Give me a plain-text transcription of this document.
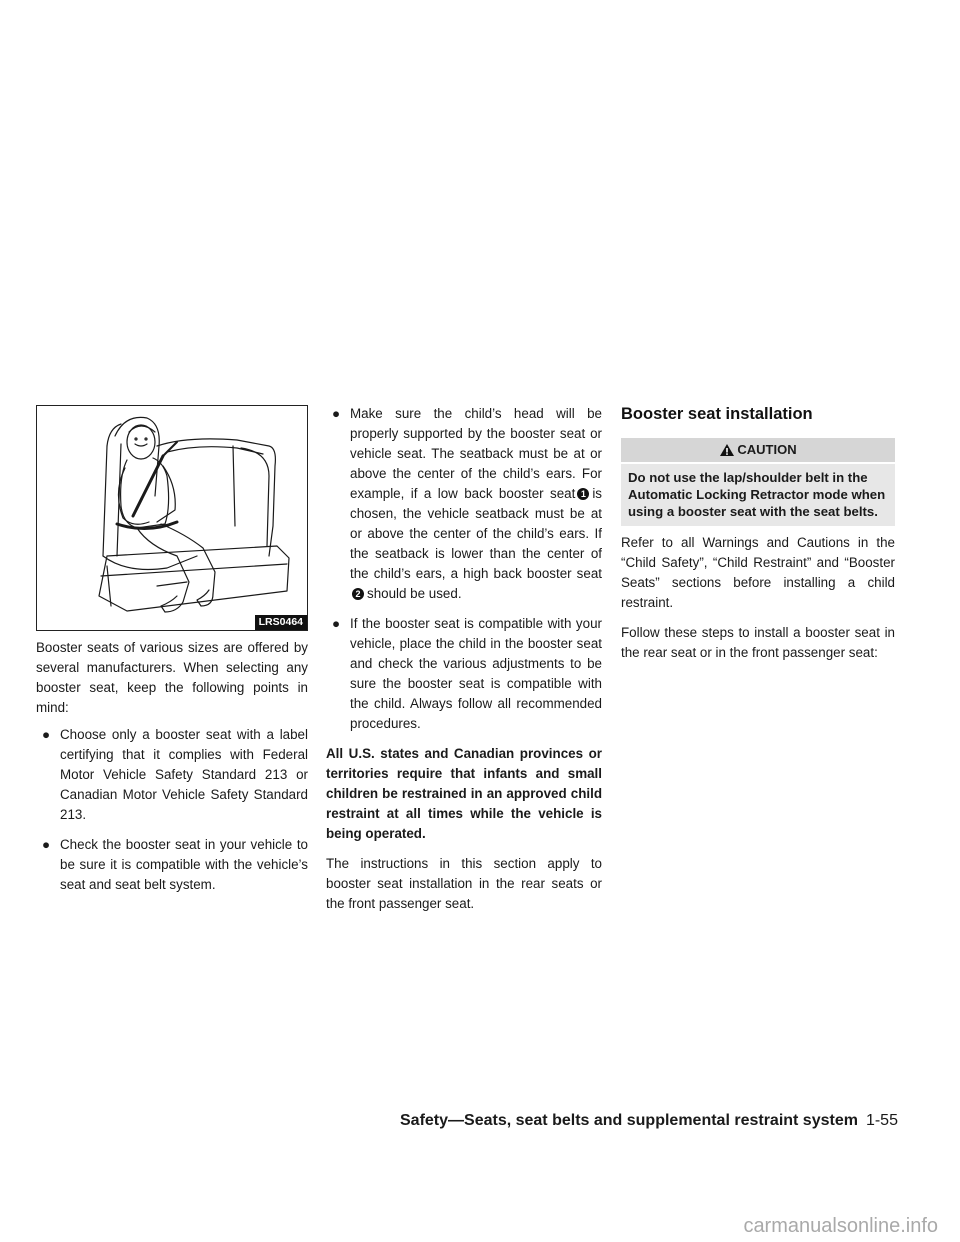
LRS0464

Booster seats of various sizes are offered by several manufacturers. When selecting any booster seat, keep the following points in mind:

● Choose only a booster seat with a label certifying that it complies with Federal Motor Vehicle Safety Standard 213 or Canadian Motor Vehicle Safety Standard 213.
● Check the booster seat in your vehicle to be sure it is compatible with the vehicle’s seat and seat belt system.
● Make sure the child’s head will be properly supported by the booster seat or vehicle seat. The seatback must be at or above the center of the child’s ears. For example, if a low back booster seat 1 is chosen, the vehicle seatback must be at or above the center of the child’s ears. If the seatback is lower than the center of the child’s ears, a high back booster seat2 should be used.
● If the booster seat is compatible with your vehicle, place the child in the booster seat and check the various adjustments to be sure the booster seat is compatible with the child. Always follow all recommended procedures.

All U.S. states and Canadian provinces or territories require that infants and small children be restrained in an approved child restraint at all times while the vehicle is being operated.

The instructions in this section apply to booster seat installation in the rear seats or the front passenger seat.

Booster seat installation
CAUTION
Do not use the lap/shoulder belt in the Automatic Locking Retractor mode when using a booster seat with the seat belts.

Refer to all Warnings and Cautions in the “Child Safety”, “Child Restraint” and “Booster Seats” sections before installing a child restraint.

Follow these steps to install a booster seat in the rear seat or in the front passenger seat:

Safety—Seats, seat belts and supplemental restraint system 1-55
carmanualsonline.info
